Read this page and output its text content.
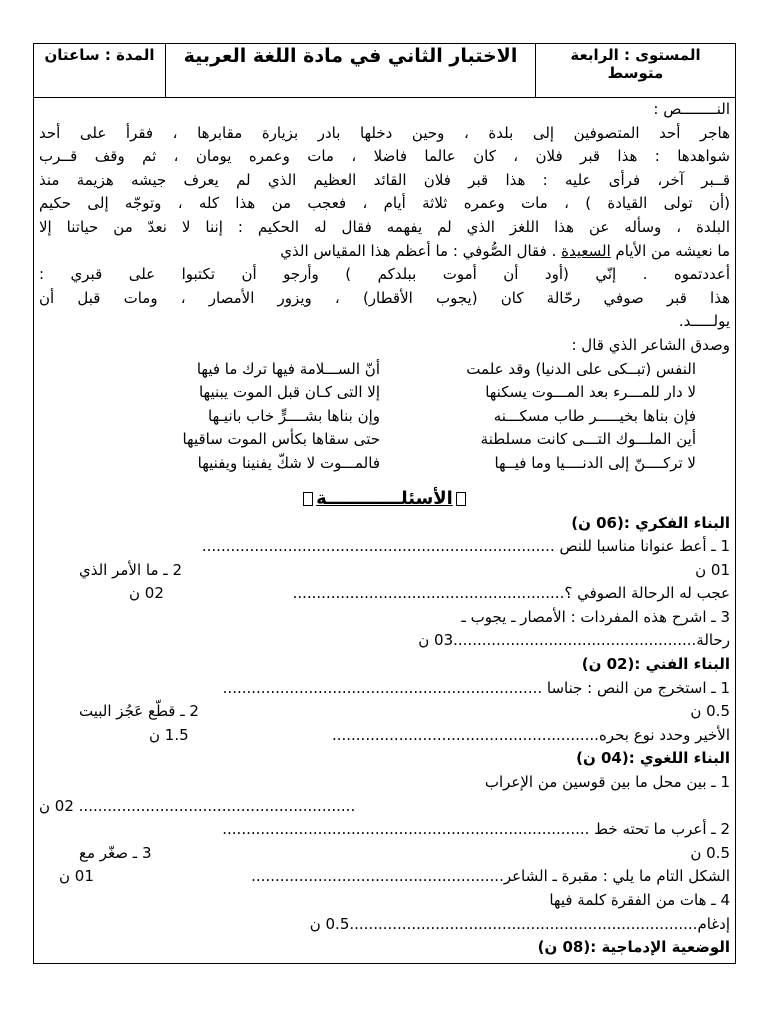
المدة : ساعتان	الاختبار الثاني في مادة اللغة العربية	المستوى : الرابعة متوسط
النــــــــص :
هاجر أحد المتصوفين إلى بلدة ، وحين دخلها بادر بزيارة مقابرها ، فقرأ على أحد
شواهدها : هذا قبر فلان ، كان عالما فاضلا ، مات وعمره يومان ، ثم وقف قــرب
قــبر آخر، فرأى عليه : هذا قبر فلان القائد العظيم الذي لم يعرف جيشه هزيمة منذ
(أن تولى القيادة ) ، مات وعمره ثلاثة أيام ، فعجب من هذا كله ، وتوجّه إلى حكيم
البلدة ، وسأله عن هذا اللغز الذي لم يفهمه فقال له الحكيم : إننا لا نعدّ من حياتنا إلا
ما نعيشه من الأيام السعيدة . فقال الصُّوفي : ما أعظم هذا المقياس الذي
أعددتموه . إنّي (أود أن أموت ببلدكم ) وأرجو أن تكتبوا على قبري :
هذا قبر صوفي رحّالة كان (يجوب الأقطار) ، ويزور الأمصار ، ومات قبل أن
يولـــــد.
وصدق الشاعر الذي قال :
النفس (تبــكى على الدنيا) وقد علمت
أنّ الســـلامة فيها ترك ما فيها
لا دار للمـــرء بعد المـــوت يسكنها
إلا التى كـان قبل الموت يبنيها
فإن بناها بخيـــــر طاب مسكـــنه
وإن بناها بشــــرٍّ خاب بانيـها
أين الملـــوك التـــى كانت مسلطنة
حتى سقاها بكأس الموت ساقيها
لا تركــــنّ إلى الدنــــيا وما فيــها
فالمـــوت لا شكّ يفنينا ويفنيها
الأسئلــــــــــــة
البناء الفكري :(06 ن)
1 ـ أعط عنوانا مناسبا للنص ..........................................................................
01 ن
2 ـ ما الأمر الذي
عجب له الرحالة الصوفي ؟.........................................................
02 ن
3 ـ اشرح هذه المفردات : الأمصار ـ يجوب ـ
رحالة...................................................03 ن
البناء الفني :(02 ن)
1 ـ استخرج من النص : جناسا ...................................................................
0.5 ن
2 ـ قطّع عَجُز البيت
الأخير وحدد نوع بحره........................................................
1.5 ن
البناء اللغوي :(04 ن)
1 ـ بين محل ما بين قوسين من الإعراب
.......................................................... 02 ن
2 ـ أعرب ما تحته خط .............................................................................
0.5 ن
3 ـ صغّر مع
الشكل التام ما يلي : مقبرة ـ الشاعر.....................................................
01 ن
4 ـ هات من الفقرة كلمة فيها
إدغام.........................................................................0.5 ن
الوضعية الإدماجية :(08 ن)
